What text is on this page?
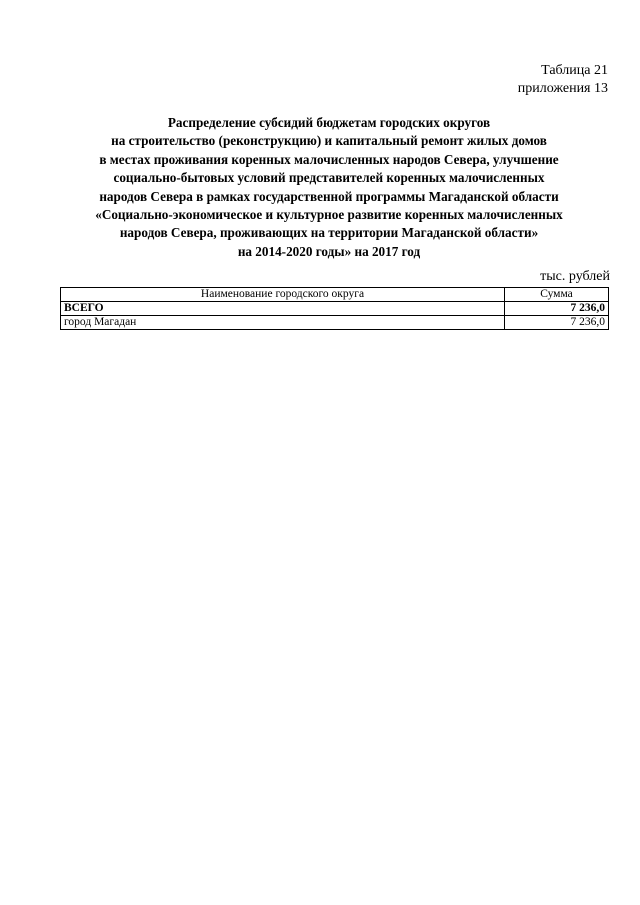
Таблица 21
приложения 13
Распределение субсидий бюджетам городских округов
на строительство (реконструкцию) и капитальный ремонт жилых домов
в местах проживания коренных малочисленных народов Севера, улучшение
социально-бытовых условий представителей коренных малочисленных
народов Севера в рамках государственной программы Магаданской области
«Социально-экономическое и культурное развитие коренных малочисленных
народов Севера, проживающих на территории Магаданской области»
на 2014-2020 годы» на 2017 год
тыс. рублей
Наименование городского округа	Сумма
ВСЕГО	7 236,0
город Магадан	7 236,0
